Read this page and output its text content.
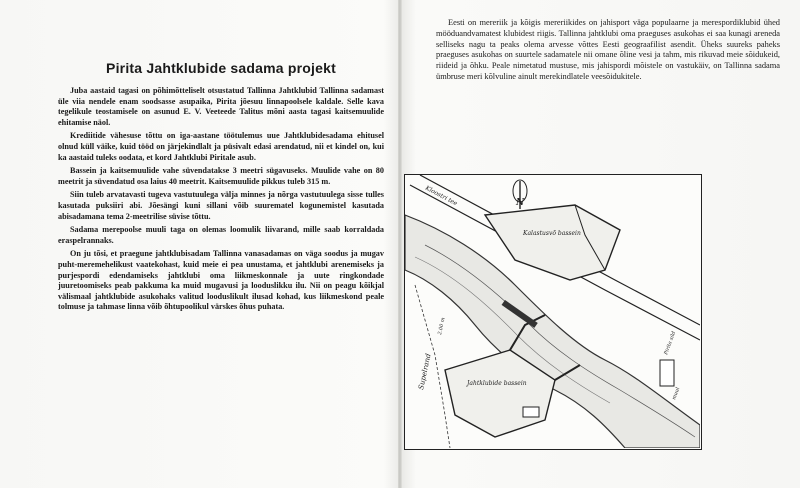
Pirita Jahtklubide sadama projekt

Juba aastaid tagasi on põhimõtteliselt otsustatud Tallinna Jahtklubid Tallinna sadamast üle viia nendele enam soodsasse asupaika, Pirita jõesuu linnapoolsele kaldale. Selle kava tegelikule teostamisele on asunud E. V. Veeteede Talitus mõni aasta tagasi kaitsemuulide ehitamise näol.

Krediitide vähesuse tõttu on iga-aastane töötulemus uue Jahtklubidesadama ehitusel olnud küll väike, kuid tööd on järjekindlalt ja püsivalt edasi arendatud, nii et kindel on, kui ka aastaid tuleks oodata, et kord Jahtklubi Piritale asub.

Bassein ja kaitsemuulide vahe süvendatakse 3 meetri sügavuseks. Muulide vahe on 80 meetrit ja süvendatud osa laius 40 meetrit. Kaitsemuulide pikkus tuleb 315 m.

Siin tuleb arvatavasti tugeva vastutuulega välja minnes ja nõrga vastutuulega sisse tulles kasutada puksiiri abi. Jõesängi kuni sillani võib suurematel kogunemistel kasutada abisadamana tema 2-meetrilise süvise tõttu.

Sadama merepoolse muuli taga on olemas loomulik liivarand, mille saab korraldada eraspelrannaks.

On ju tõsi, et praegune jahtklubisadam Tallinna vanasadamas on väga soodus ja mugav puht-meremehelikust vaatekohast, kuid meie ei pea unustama, et jahtklubi arenemiseks ja purjespordi edendamiseks jahtklubi oma liikmeskonnale ja uute ringkondade juuretoomiseks peab pakkuma ka muid mugavusi ja looduslikku ilu. Nii on peagu kõikjal välismaal jahtklubide asukohaks valitud looduslikult ilusad kohad, kus liikmeskond peale tolmuse ja tahmase linna võib õhtupoolikul värskes õhus puhata.

Eesti on mereriik ja kõigis mereriikides on jahisport väga populaarne ja merespordiklubid ühed mööduandvamatest klubidest riigis. Tallinna jahtklubi oma praeguses asukohas ei saa kunagi areneda selliseks nagu ta peaks olema arvesse võttes Eesti geograafilist asendit. Üheks suureks paheks praeguses asukohas on suurtele sadamatele nii omane õline vesi ja tahm, mis rikuvad meie sõidukeid, riideid ja õhku. Peale nimetatud mustuse, mis jahispordi mõistele on vastukäiv, on Tallinna sadama ümbruse meri kõlvuline ainult merekindlatele veesõidukitele.

N
Kloostri tee
Kalastusvõ bassein
Jahtklubide bassein
Supelrand
2.00 m
Pirita sild
muul
